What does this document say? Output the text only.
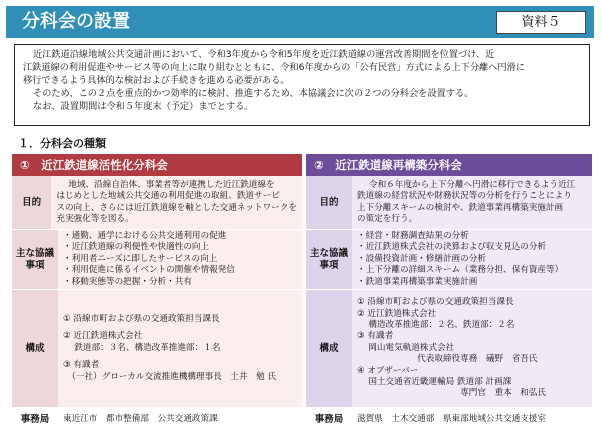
分科会の設置	資料５

近江鉄道沿線地域公共交通計画において、令和3年度から令和5年度を近江鉄道線の運営改善期間を位置づけ、近

江鉄道線の利用促進やサービス等の向上に取り組むとともに、令和6年度からの「公有民営」方式による上下分離へ円滑に

移行できるよう具体的な検討および手続きを進める必要がある。

そのため、この２点を重点的かつ効率的に検討、推進するため、本協議会に次の２つの分科会を設置する。

なお、設置期間は令和５年度末（予定）までとする。

１．分科会の種類
①　近江鉄道線活性化分科会
目的
地域、沿線自治体、事業者等が連携した近江鉄道線を
はじめとした地域公共交通の利用促進の取組、鉄道サービ
スの向上、さらには近江鉄道線を軸とした交通ネットワークを
充実強化等を図る。
主な協議事項
・通勤、通学における公共交通利用の促進
・近江鉄道線の利便性や快適性の向上
・利用者ニーズに即したサービスの向上
・利用促進に係るイベントの開催や情報発信
・移動実態等の把握・分析・共有
構成
① 沿線市町および県の交通政策担当課長
② 近江鉄道株式会社
　 鉄道部：３名、構造改革推進部：１名
③ 有識者
　（一社）グローカル交流推進機構理事長　土井　勉 氏
事務局	東近江市　都市整備部　公共交通政策課
②　近江鉄道線再構築分科会
目的
令和６年度から上下分離へ円滑に移行できるよう近江
鉄道線の経営状況や財務状況等の分析を行うことにより
上下分離スキームの検討や、鉄道事業再構築実施計画
の策定を行う。
主な協議事項
・経営・財務調査結果の分析
・近江鉄道株式会社の決算および収支見込の分析
・設備投資計画・修繕計画の分析
・上下分離の詳細スキーム（業務分担、保有資産等）
・鉄道事業再構築事業実施計画
構成
① 沿線市町および県の交通政策担当課長
② 近江鉄道株式会社
　 構造改革推進部：２名、鉄道部：２名
③ 有識者
　 岡山電気軌道株式会社
　　　　　　　代表取締役専務　礒野　省吾氏
④ オブザーバー
　 国土交通省近畿運輸局 鉄道部 計画課
　　　　　　　　　　　　専門官　重本　和弘氏
事務局	滋賀県　土木交通部　県東部地域公共交通支援室
